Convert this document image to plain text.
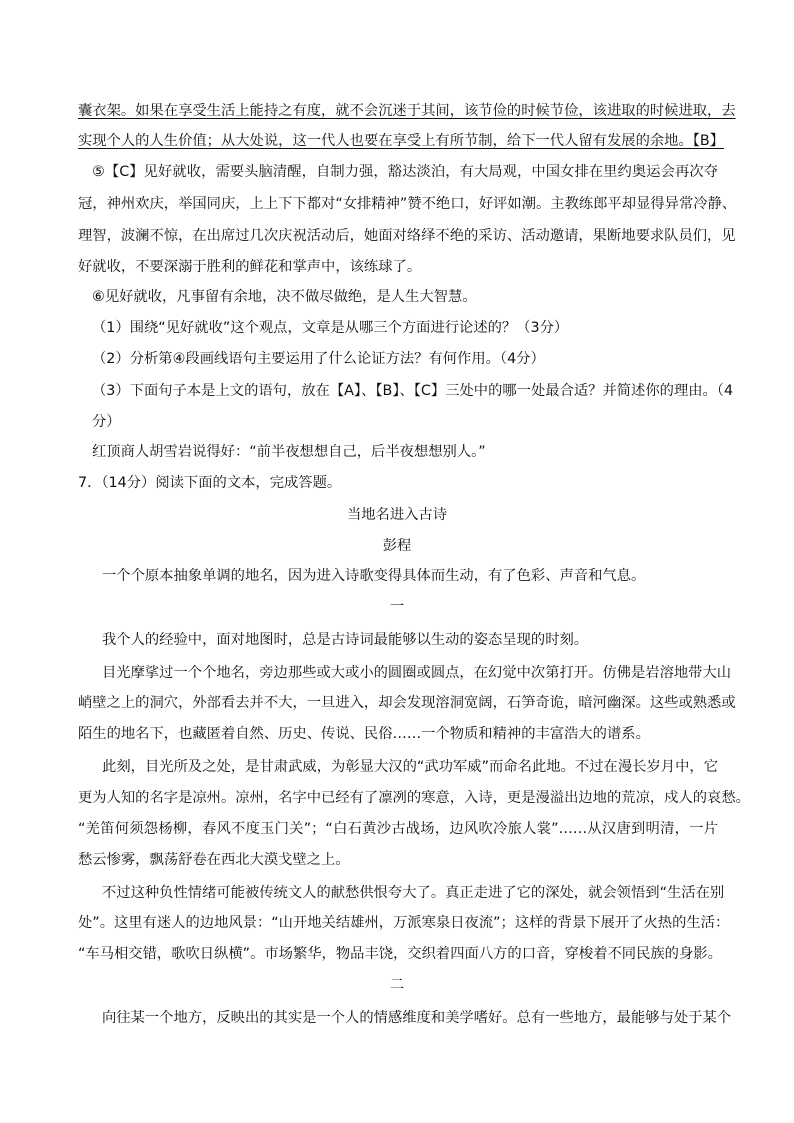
囊衣架。如果在享受生活上能持之有度，就不会沉迷于其间，该节俭的时候节俭，该进取的时候进取，去
实现个人的人生价值；从大处说，这一代人也要在享受上有所节制，给下一代人留有发展的余地。【B】
⑤【C】见好就收，需要头脑清醒，自制力强，豁达淡泊，有大局观，中国女排在里约奥运会再次夺
冠，神州欢庆，举国同庆，上上下下都对“女排精神”赞不绝口，好评如潮。主教练郎平却显得异常冷静、
理智，波澜不惊，在出席过几次庆祝活动后，她面对络绎不绝的采访、活动邀请，果断地要求队员们，见
好就收，不要深溺于胜利的鲜花和掌声中，该练球了。
⑥见好就收，凡事留有余地，决不做尽做绝，是人生大智慧。
（1）围绕“见好就收”这个观点，文章是从哪三个方面进行论述的？（3分）
（2）分析第④段画线语句主要运用了什么论证方法？有何作用。（4分）
（3）下面句子本是上文的语句，放在【A】、【B】、【C】三处中的哪一处最合适？并简述你的理由。（4
分）
红顶商人胡雪岩说得好：“前半夜想想自己，后半夜想想别人。”
7．（14分）阅读下面的文本，完成答题。
当地名进入古诗
彭程
一个个原本抽象单调的地名，因为进入诗歌变得具体而生动，有了色彩、声音和气息。
一
我个人的经验中，面对地图时，总是古诗词最能够以生动的姿态呈现的时刻。
目光摩挲过一个个地名，旁边那些或大或小的圆圈或圆点，在幻觉中次第打开。仿佛是岩溶地带大山
峭壁之上的洞穴，外部看去并不大，一旦进入，却会发现溶洞宽阔，石笋奇诡，暗河幽深。这些或熟悉或
陌生的地名下，也藏匿着自然、历史、传说、民俗……一个物质和精神的丰富浩大的谱系。
此刻，目光所及之处，是甘肃武威，为彰显大汉的“武功军威”而命名此地。不过在漫长岁月中，它
更为人知的名字是凉州。凉州，名字中已经有了凛冽的寒意，入诗，更是漫溢出边地的荒凉，戍人的哀愁。
“羌笛何须怨杨柳，春风不度玉门关”；“白石黄沙古战场，边风吹冷旅人裳”……从汉唐到明清，一片
愁云惨雾，飘荡舒卷在西北大漠戈壁之上。
不过这种负性情绪可能被传统文人的献愁供恨夸大了。真正走进了它的深处，就会领悟到“生活在别
处”。这里有迷人的边地风景：“山开地关结雄州，万派寒泉日夜流”；这样的背景下展开了火热的生活：
“车马相交错，歌吹日纵横”。市场繁华，物品丰饶，交织着四面八方的口音，穿梭着不同民族的身影。
二
向往某一个地方，反映出的其实是一个人的情感维度和美学嗜好。总有一些地方，最能够与处于某个
